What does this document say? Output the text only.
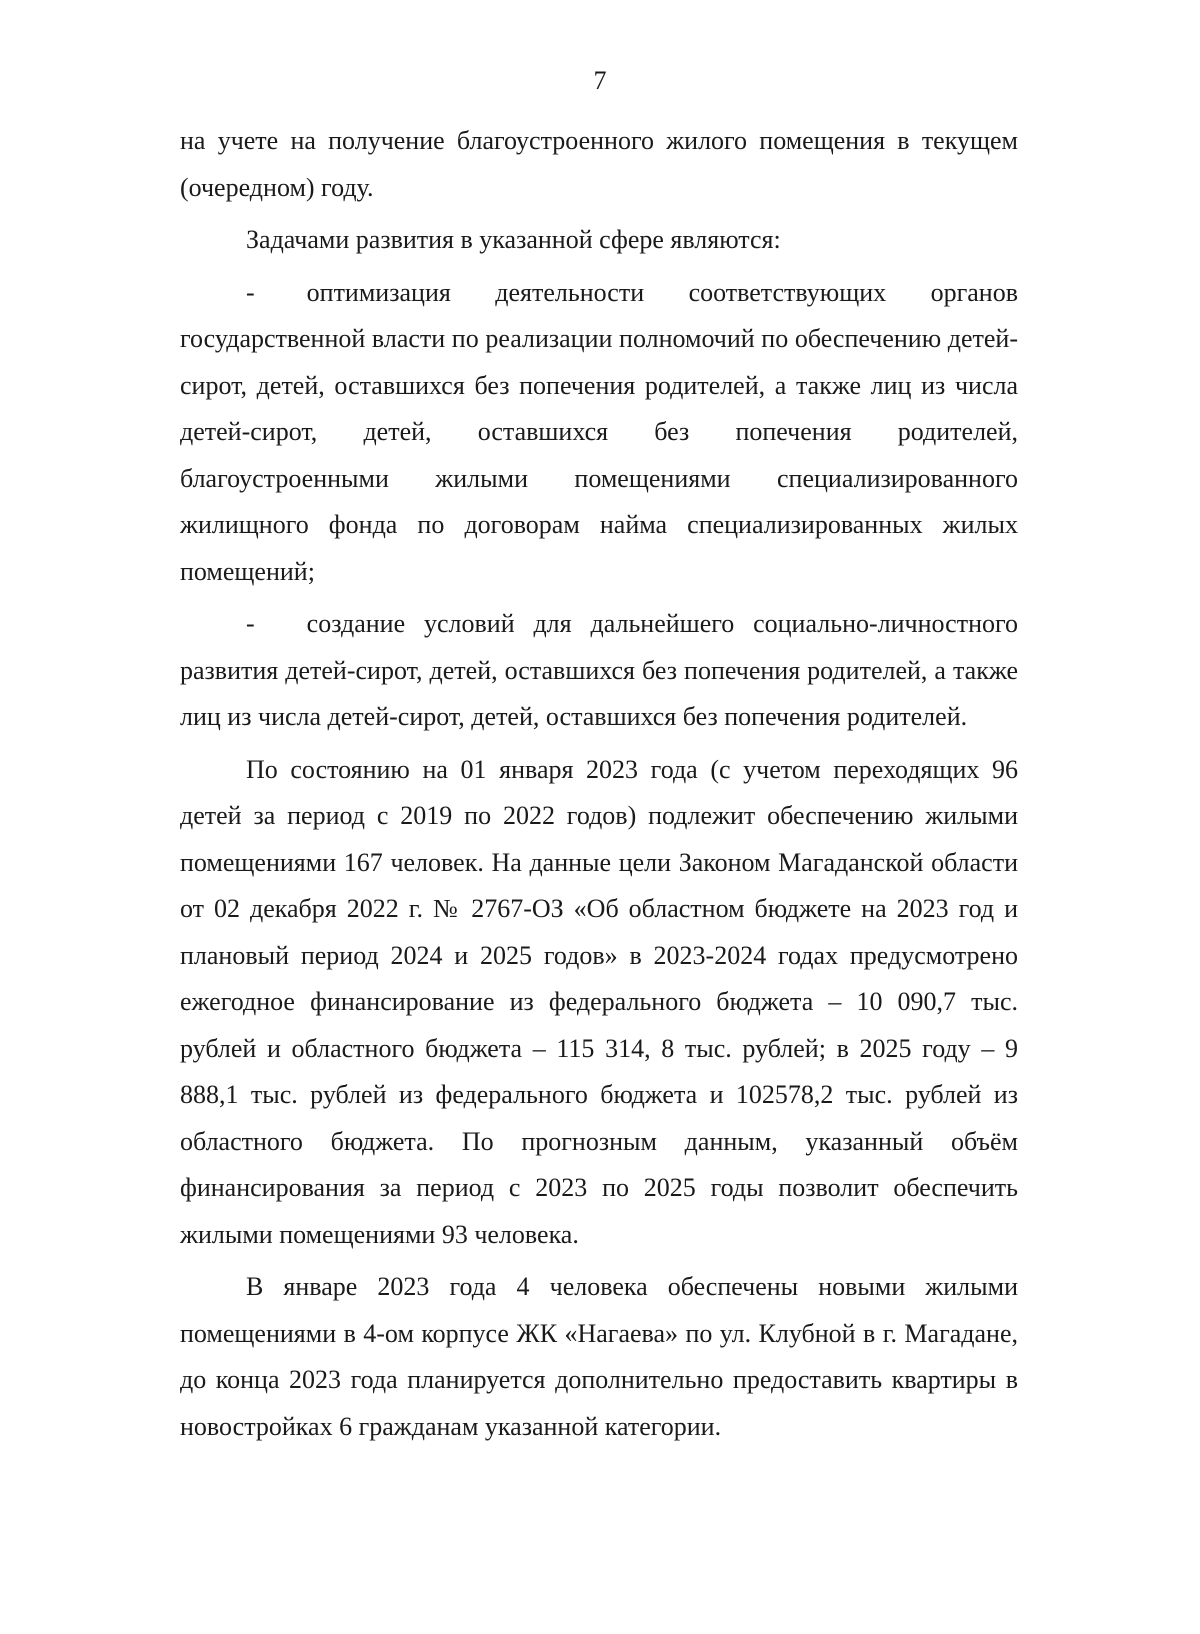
7

на учете на получение благоустроенного жилого помещения в текущем (очередном) году.

Задачами развития в указанной сфере являются:

-  оптимизация деятельности соответствующих органов государственной власти по реализации полномочий по обеспечению детей-сирот, детей, оставшихся без попечения родителей, а также лиц из числа детей-сирот, детей, оставшихся без попечения родителей, благоустроенными жилыми помещениями специализированного жилищного фонда по договорам найма специализированных жилых помещений;

-  создание условий для дальнейшего социально-личностного развития детей-сирот, детей, оставшихся без попечения родителей, а также лиц из числа детей-сирот, детей, оставшихся без попечения родителей.

По состоянию на 01 января 2023 года (с учетом переходящих 96 детей за период с 2019 по 2022 годов) подлежит обеспечению жилыми помещениями 167 человек. На данные цели Законом Магаданской области от 02 декабря 2022 г. № 2767-ОЗ «Об областном бюджете на 2023 год и плановый период 2024 и 2025 годов» в 2023-2024 годах предусмотрено ежегодное финансирование из федерального бюджета – 10 090,7 тыс. рублей и областного бюджета – 115 314, 8 тыс. рублей; в 2025 году – 9 888,1 тыс. рублей из федерального бюджета и 102578,2 тыс. рублей из областного бюджета. По прогнозным данным, указанный объём финансирования за период с 2023 по 2025 годы позволит обеспечить жилыми помещениями 93 человека.

В январе 2023 года 4 человека обеспечены новыми жилыми помещениями в 4-ом корпусе ЖК «Нагаева» по ул. Клубной в г. Магадане, до конца 2023 года планируется дополнительно предоставить квартиры в новостройках 6 гражданам указанной категории.
